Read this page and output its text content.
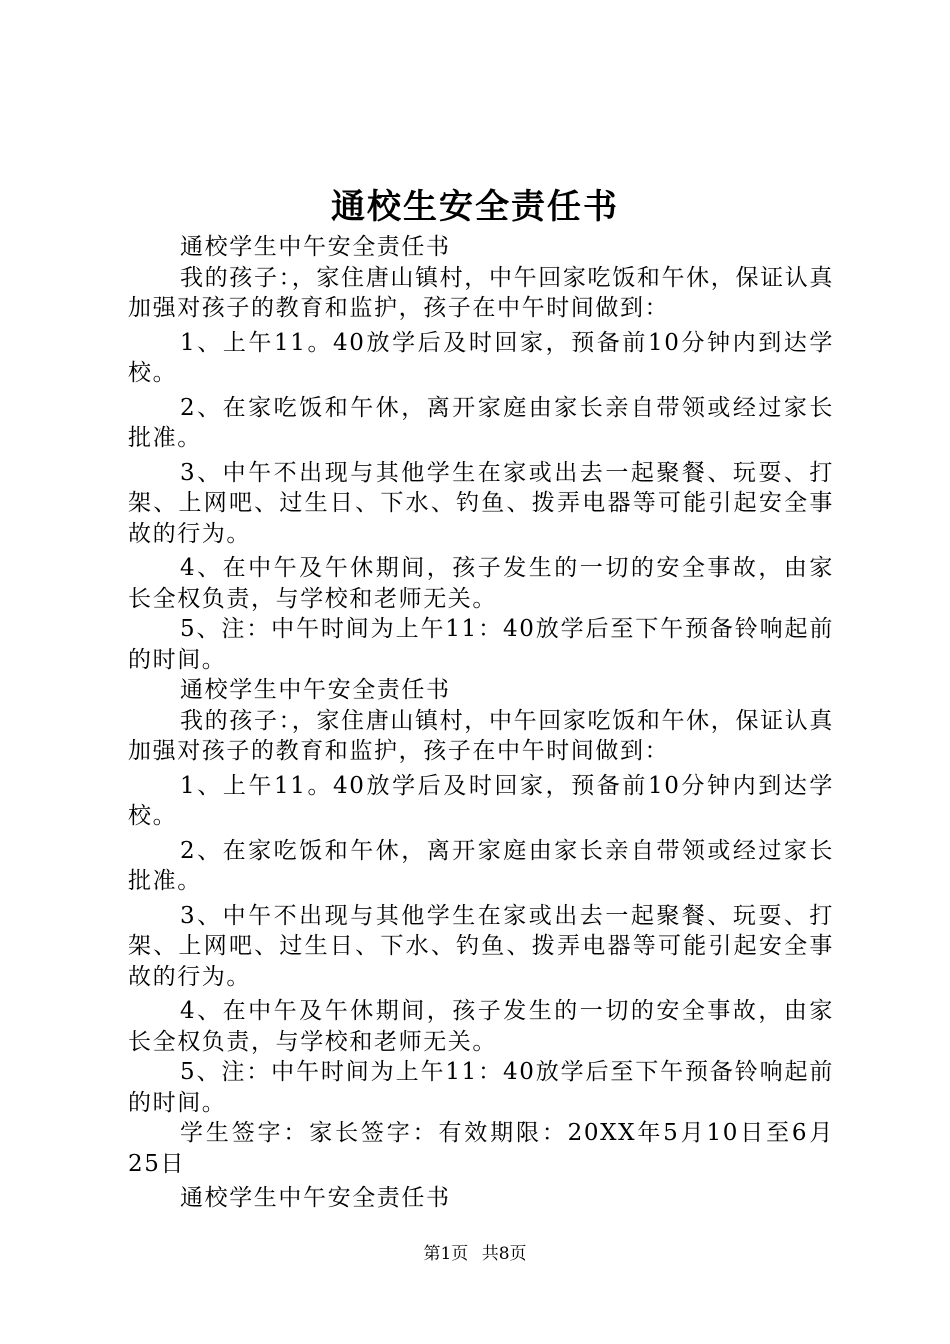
通校生安全责任书

通校学生中午安全责任书

我的孩子：，家住唐山镇村，中午回家吃饭和午休，保证认真加强对孩子的教育和监护，孩子在中午时间做到：

1、上午11。40放学后及时回家，预备前10分钟内到达学校。

2、在家吃饭和午休，离开家庭由家长亲自带领或经过家长批准。

3、中午不出现与其他学生在家或出去一起聚餐、玩耍、打架、上网吧、过生日、下水、钓鱼、拨弄电器等可能引起安全事故的行为。

4、在中午及午休期间，孩子发生的一切的安全事故，由家长全权负责，与学校和老师无关。

5、注：中午时间为上午11：40放学后至下午预备铃响起前的时间。

通校学生中午安全责任书

我的孩子：，家住唐山镇村，中午回家吃饭和午休，保证认真加强对孩子的教育和监护，孩子在中午时间做到：

1、上午11。40放学后及时回家，预备前10分钟内到达学校。

2、在家吃饭和午休，离开家庭由家长亲自带领或经过家长批准。

3、中午不出现与其他学生在家或出去一起聚餐、玩耍、打架、上网吧、过生日、下水、钓鱼、拨弄电器等可能引起安全事故的行为。

4、在中午及午休期间，孩子发生的一切的安全事故，由家长全权负责，与学校和老师无关。

5、注：中午时间为上午11：40放学后至下午预备铃响起前的时间。

学生签字：家长签字：有效期限：20XX年5月10日至6月25日

通校学生中午安全责任书

第1页 共8页
